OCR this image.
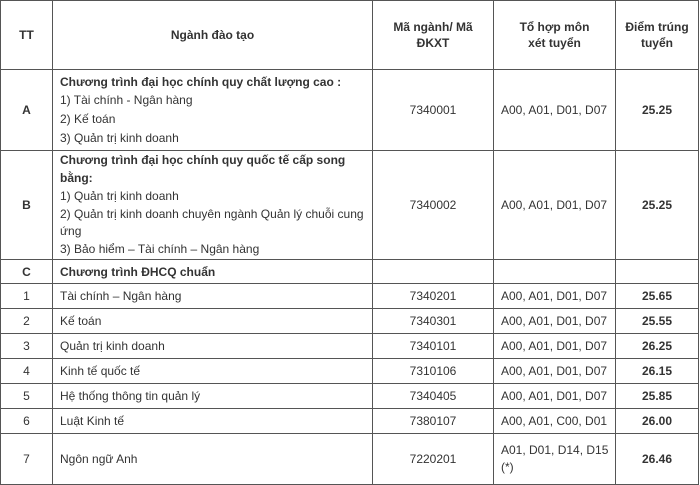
TT	Ngành đào tạo	Mã ngành/ Mã ĐKXT	Tổ hợp môn xét tuyển	Điểm trúng tuyển
A	Chương trình đại học chính quy chất lượng cao :
1) Tài chính - Ngân hàng
2) Kế toán
3) Quản trị kinh doanh	7340001	A00, A01, D01, D07	25.25
B	Chương trình đại học chính quy quốc tế cấp song bằng:
1) Quản trị kinh doanh
2) Quản trị kinh doanh chuyên ngành Quản lý chuỗi cung ứng
3) Bảo hiểm – Tài chính – Ngân hàng	7340002	A00, A01, D01, D07	25.25
C	Chương trình ĐHCQ chuẩn			

1	Tài chính – Ngân hàng	7340201	A00, A01, D01, D07	25.65
2	Kế toán	7340301	A00, A01, D01, D07	25.55
3	Quản trị kinh doanh	7340101	A00, A01, D01, D07	26.25
4	Kinh tế quốc tế	7310106	A00, A01, D01, D07	26.15
5	Hệ thống thông tin quản lý	7340405	A00, A01, D01, D07	25.85
6	Luật Kinh tế	7380107	A00, A01, C00, D01	26.00
7	Ngôn ngữ Anh	7220201	A01, D01, D14, D15 (*)	26.46
